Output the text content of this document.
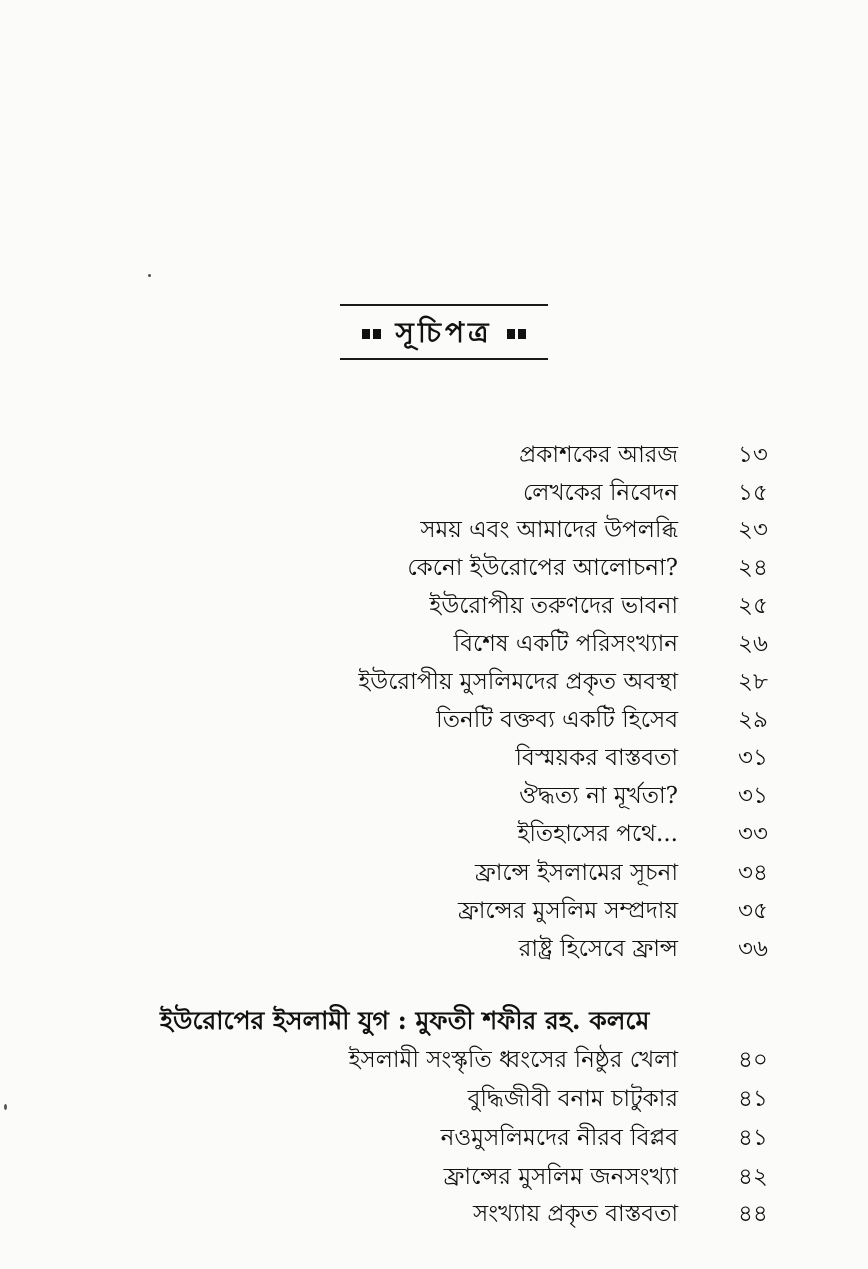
সূচিপত্র
প্রকাশকের আরজ	১৩
লেখকের নিবেদন	১৫
সময় এবং আমাদের উপলব্ধি	২৩
কেনো ইউরোপের আলোচনা?	২৪
ইউরোপীয় তরুণদের ভাবনা	২৫
বিশেষ একটি পরিসংখ্যান	২৬
ইউরোপীয় মুসলিমদের প্রকৃত অবস্থা	২৮
তিনটি বক্তব্য একটি হিসেব	২৯
বিস্ময়কর বাস্তবতা	৩১
ঔদ্ধত্য না মূর্খতা?	৩১
ইতিহাসের পথে...	৩৩
ফ্রান্সে ইসলামের সূচনা	৩৪
ফ্রান্সের মুসলিম সম্প্রদায়	৩৫
রাষ্ট্র হিসেবে ফ্রান্স	৩৬
ইউরোপের ইসলামী যুগ : মুফতী শফীর রহ. কলমে
ইসলামী সংস্কৃতি ধ্বংসের নিষ্ঠুর খেলা	৪০
বুদ্ধিজীবী বনাম চাটুকার	৪১
নওমুসলিমদের নীরব বিপ্লব	৪১
ফ্রান্সের মুসলিম জনসংখ্যা	৪২
সংখ্যায় প্রকৃত বাস্তবতা	৪৪
